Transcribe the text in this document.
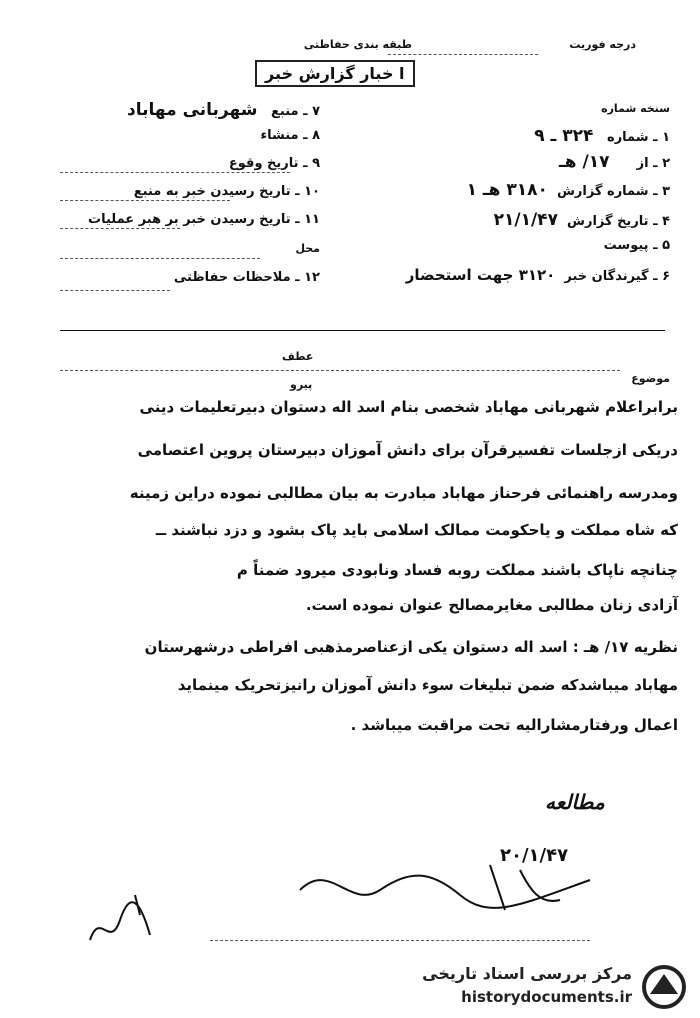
درجه فوریت
طبقه بندی حفاظتی
ا خبار گزارش خبر
سنخه شماره
۱ ـ شماره   ۳۲۴ ـ ۹
۲ ـ از      ۱۷/ هـ
۳ ـ شماره گزارش  ۳۱۸۰ هـ ۱
۴ ـ تاریخ گزارش  ۲۱/۱/۴۷
۵ ـ پیوست
۶ ـ گیرندگان خبر  ۳۱۲۰ جهت استحضار
۷ ـ منبع   شهربانی مهاباد
۸ ـ منشاء
۹ ـ تاریخ وقوع
۱۰ ـ تاریخ رسیدن خبر به منبع
۱۱ ـ تاریخ رسیدن خبر بر هبر عملیات
محل
۱۲ ـ ملاحظات حفاظتی
عطف
موضوع
پیرو
برابراعلام شهربانی مهاباد شخصی بنام اسد اله دستوان دبیرتعلیمات دینی
دریکی ازجلسات تفسیرقرآن برای دانش آموزان دبیرستان پروین اعتصامی
ومدرسه راهنمائی فرحناز مهاباد مبادرت به بیان مطالبی نموده دراین زمینه
که شاه مملکت و یاحکومت ممالک اسلامی باید پاک بشود و دزد نباشند ــ
چنانچه ناپاک باشند مملکت روبه فساد ونابودی میرود ضمناً م
آزادی زنان مطالبی مغایرمصالح عنوان نموده است.
نظریه ۱۷/ هـ : اسد اله دستوان یکی ازعناصرمذهبی افراطی درشهرستان
مهاباد میباشدکه ضمن تبلیغات سوء دانش آموزان رانیزتحریک مینماید
اعمال ورفتارمشارالیه تحت مراقبت میباشد .
مطالعه
۲۰/۱/۴۷
مرکز بررسی اسناد تاریخی
historydocuments.ir
